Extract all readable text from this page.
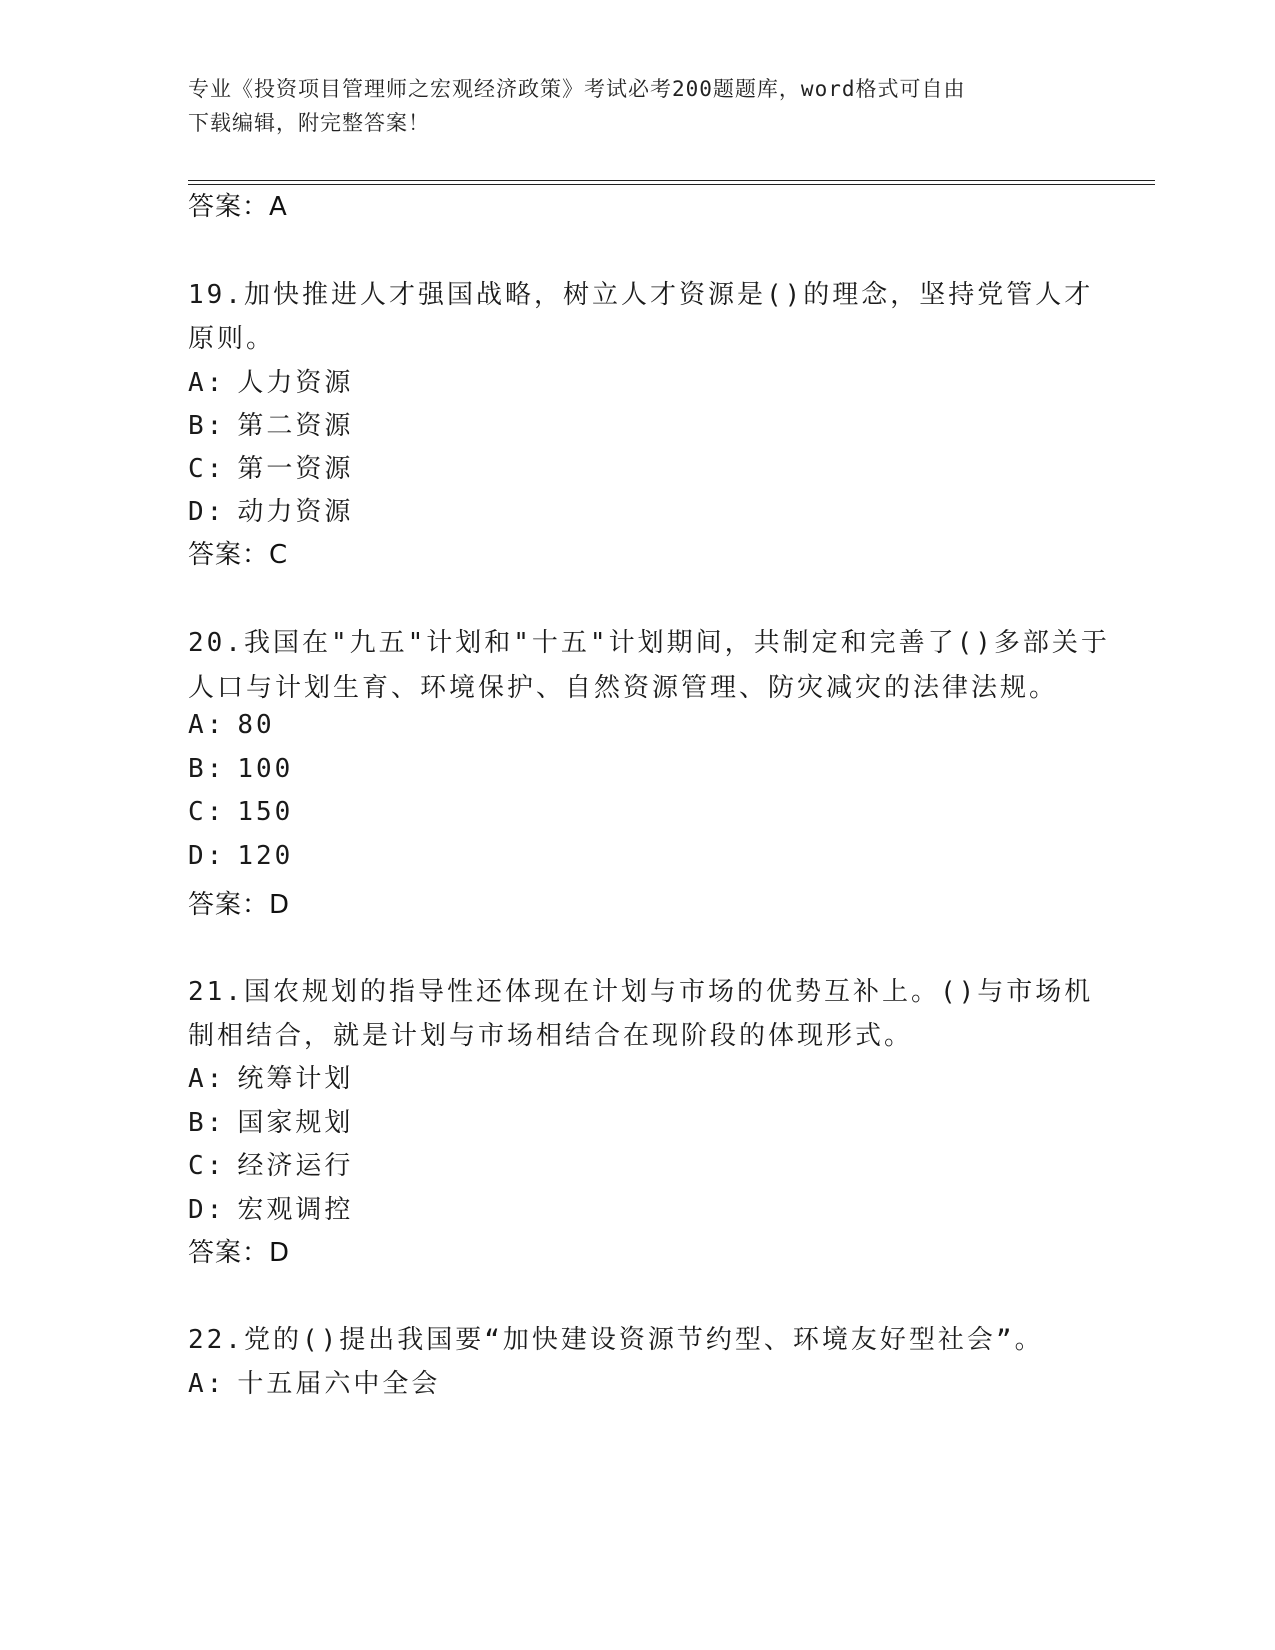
专业《投资项目管理师之宏观经济政策》考试必考200题题库，word格式可自由
下载编辑，附完整答案！
答案：A
19.加快推进人才强国战略，树立人才资源是()的理念，坚持党管人才
原则。
A: 人力资源
B: 第二资源
C: 第一资源
D: 动力资源
答案：C
20.我国在"九五"计划和"十五"计划期间，共制定和完善了()多部关于
人口与计划生育、环境保护、自然资源管理、防灾减灾的法律法规。
A: 80
B: 100
C: 150
D: 120
答案：D
21.国农规划的指导性还体现在计划与市场的优势互补上。()与市场机
制相结合，就是计划与市场相结合在现阶段的体现形式。
A: 统筹计划
B: 国家规划
C: 经济运行
D: 宏观调控
答案：D
22.党的()提出我国要“加快建设资源节约型、环境友好型社会”。
A: 十五届六中全会
